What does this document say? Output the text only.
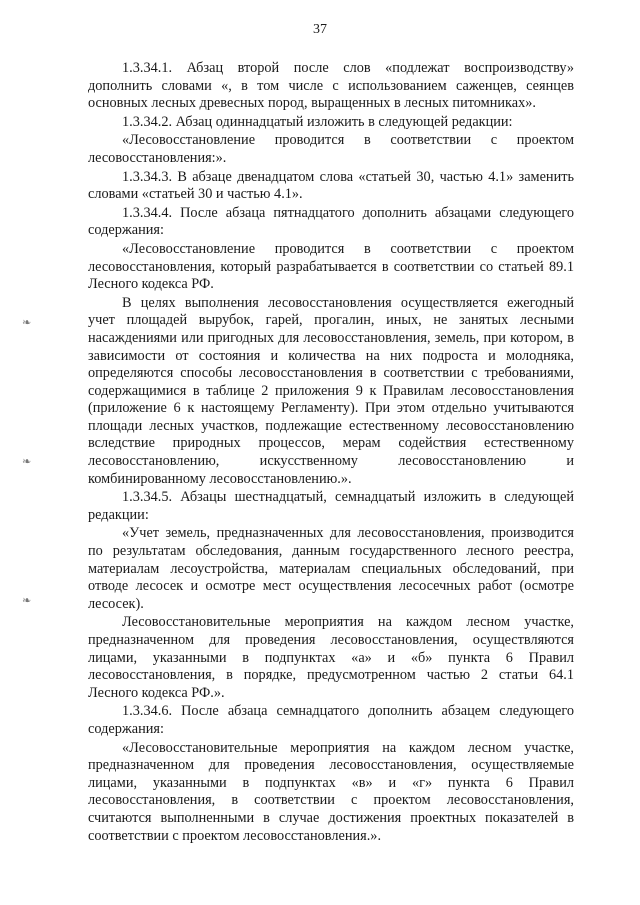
37
❧
❧
❧

1.3.34.1. Абзац второй после слов «подлежат воспроизводству» дополнить словами «, в том числе с использованием саженцев, сеянцев основных лесных древесных пород, выращенных в лесных питомниках».

1.3.34.2. Абзац одиннадцатый изложить в следующей редакции:

«Лесовосстановление проводится в соответствии с проектом лесовосстановления:».

1.3.34.3. В абзаце двенадцатом слова «статьей 30, частью 4.1» заменить словами «статьей 30 и частью 4.1».

1.3.34.4. После абзаца пятнадцатого дополнить абзацами следующего содержания:

«Лесовосстановление проводится в соответствии с проектом лесовосстановления, который разрабатывается в соответствии со статьей 89.1 Лесного кодекса РФ.

В целях выполнения лесовосстановления осуществляется ежегодный учет площадей вырубок, гарей, прогалин, иных, не занятых лесными насаждениями или пригодных для лесовосстановления, земель, при котором, в зависимости от состояния и количества на них подроста и молодняка, определяются способы лесовосстановления в соответствии с требованиями, содержащимися в таблице 2 приложения 9 к Правилам лесовосстановления (приложение 6 к настоящему Регламенту). При этом отдельно учитываются площади лесных участков, подлежащие естественному лесовосстановлению вследствие природных процессов, мерам содействия естественному лесовосстановлению, искусственному лесовосстановлению и комбинированному лесовосстановлению.».

1.3.34.5. Абзацы шестнадцатый, семнадцатый изложить в следующей редакции:

«Учет земель, предназначенных для лесовосстановления, производится по результатам обследования, данным государственного лесного реестра, материалам лесоустройства, материалам специальных обследований, при отводе лесосек и осмотре мест осуществления лесосечных работ (осмотре лесосек).

Лесовосстановительные мероприятия на каждом лесном участке, предназначенном для проведения лесовосстановления, осуществляются лицами, указанными в подпунктах «а» и «б» пункта 6 Правил лесовосстановления, в порядке, предусмотренном частью 2 статьи 64.1 Лесного кодекса РФ.».

1.3.34.6. После абзаца семнадцатого дополнить абзацем следующего содержания:

«Лесовосстановительные мероприятия на каждом лесном участке, предназначенном для проведения лесовосстановления, осуществляемые лицами, указанными в подпунктах «в» и «г» пункта 6 Правил лесовосстановления, в соответствии с проектом лесовосстановления, считаются выполненными в случае достижения проектных показателей в соответствии с проектом лесовосстановления.».
